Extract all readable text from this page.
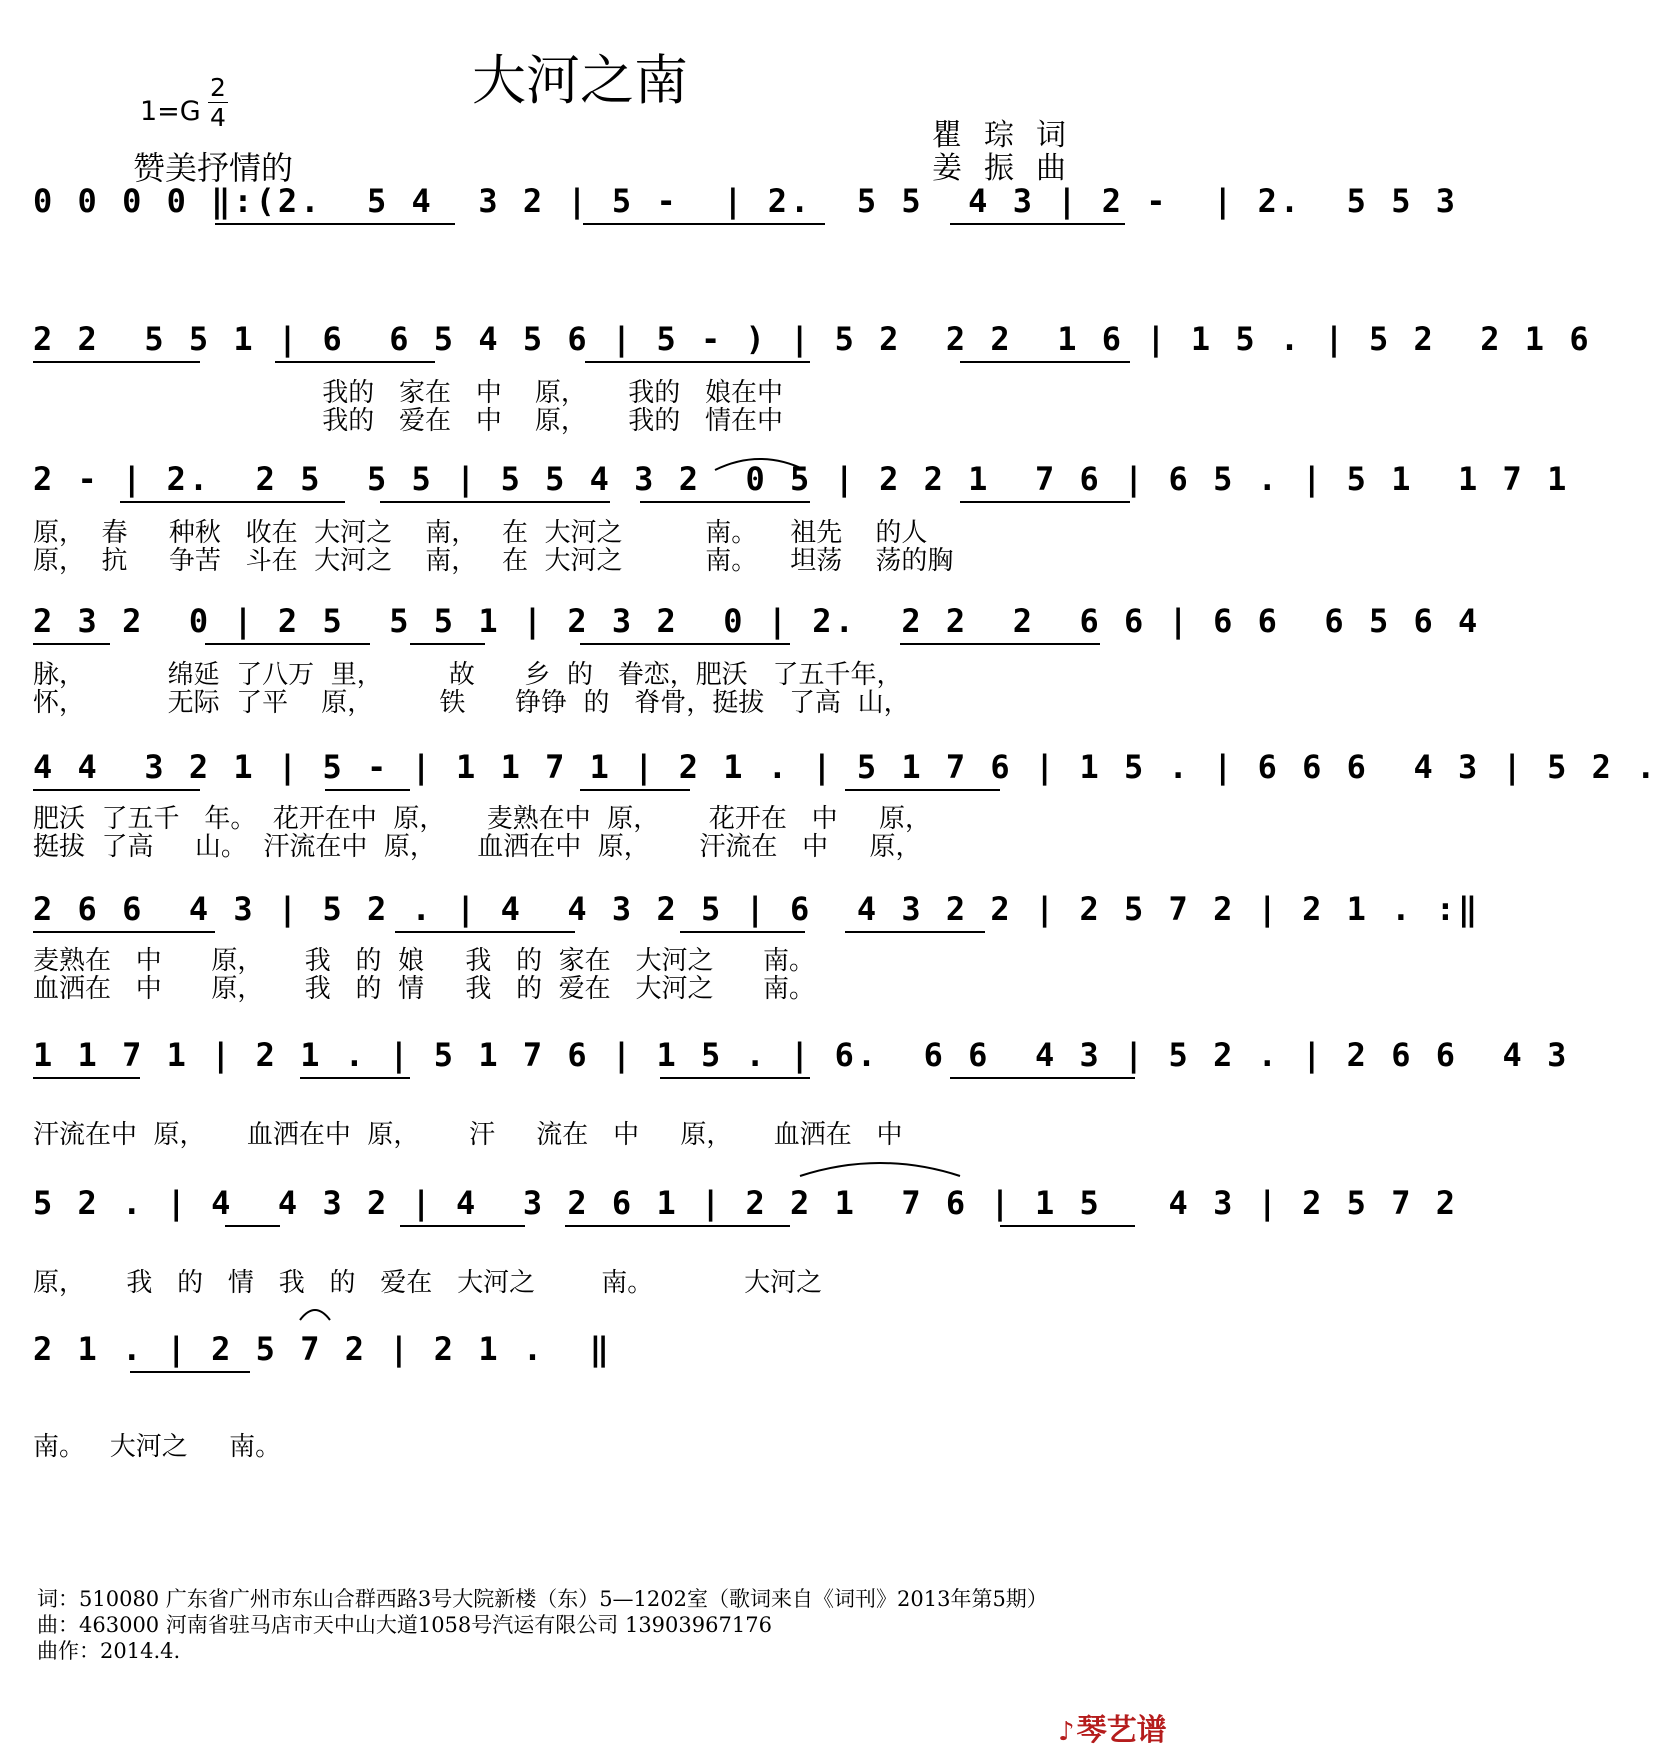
大河之南
1=G
2
4
赞美抒情的
瞿琮词
姜振曲
0 0 0 0 ‖:(2.  5 4  3 2 | 5 -  | 2.  5 5  4 3 | 2 -  | 2.  5 5 3
2 2  5 5 1 | 6  6 5 4 5 6 | 5 - ) | 5 2  2 2  1 6 | 1 5 . | 5 2  2 1 6
我的   家在   中    原，     我的   娘在中
我的   爱在   中    原，     我的   情在中
2 - | 2.  2 5  5 5 | 5 5 4 3 2  0 5 | 2 2 1  7 6 | 6 5 . | 5 1  1 7 1
原，  春     种秋   收在  大河之    南，   在  大河之          南。    祖先    的人
原，  抗     争苦   斗在  大河之    南，   在  大河之          南。    坦荡    荡的胸
2 3 2  0 | 2 5  5 5 1 | 2 3 2  0 | 2.  2 2  2  6 6 | 6 6  6 5 6 4
脉，          绵延  了八万  里，        故      乡  的   眷恋，肥沃   了五千年，
怀，          无际  了平    原，        铁      铮铮  的   脊骨，挺拔   了高  山，
4 4  3 2 1 | 5 - | 1 1 7 1 | 2 1 . | 5 1 7 6 | 1 5 . | 6 6 6  4 3 | 5 2 .
肥沃  了五千   年。  花开在中  原，     麦熟在中  原，      花开在   中     原，
挺拔  了高     山。  汗流在中  原，     血洒在中  原，      汗流在   中     原，
2 6 6  4 3 | 5 2 . | 4  4 3 2 5 | 6  4 3 2 2 | 2 5 7 2 | 2 1 . :‖
麦熟在   中      原，     我   的  娘     我   的  家在   大河之      南。
血洒在   中      原，     我   的  情     我   的  爱在   大河之      南。
1 1 7 1 | 2 1 . | 5 1 7 6 | 1 5 . | 6.  6 6  4 3 | 5 2 . | 2 6 6  4 3
汗流在中  原，     血洒在中  原，      汗     流在   中     原，     血洒在   中
5 2 . | 4  4 3 2 | 4  3 2 6 1 | 2 2 1  7 6 | 1 5   4 3 | 2 5 7 2
原，     我   的   情   我   的   爱在   大河之        南。           大河之
2 1 . | 2 5 7 2 | 2 1 .  ‖
南。   大河之     南。
词：510080 广东省广州市东山合群西路3号大院新楼（东）5—1202室（歌词来自《词刊》2013年第5期）
曲：463000 河南省驻马店市天中山大道1058号汽运有限公司 13903967176
曲作：2014.4.
♪琴艺谱
